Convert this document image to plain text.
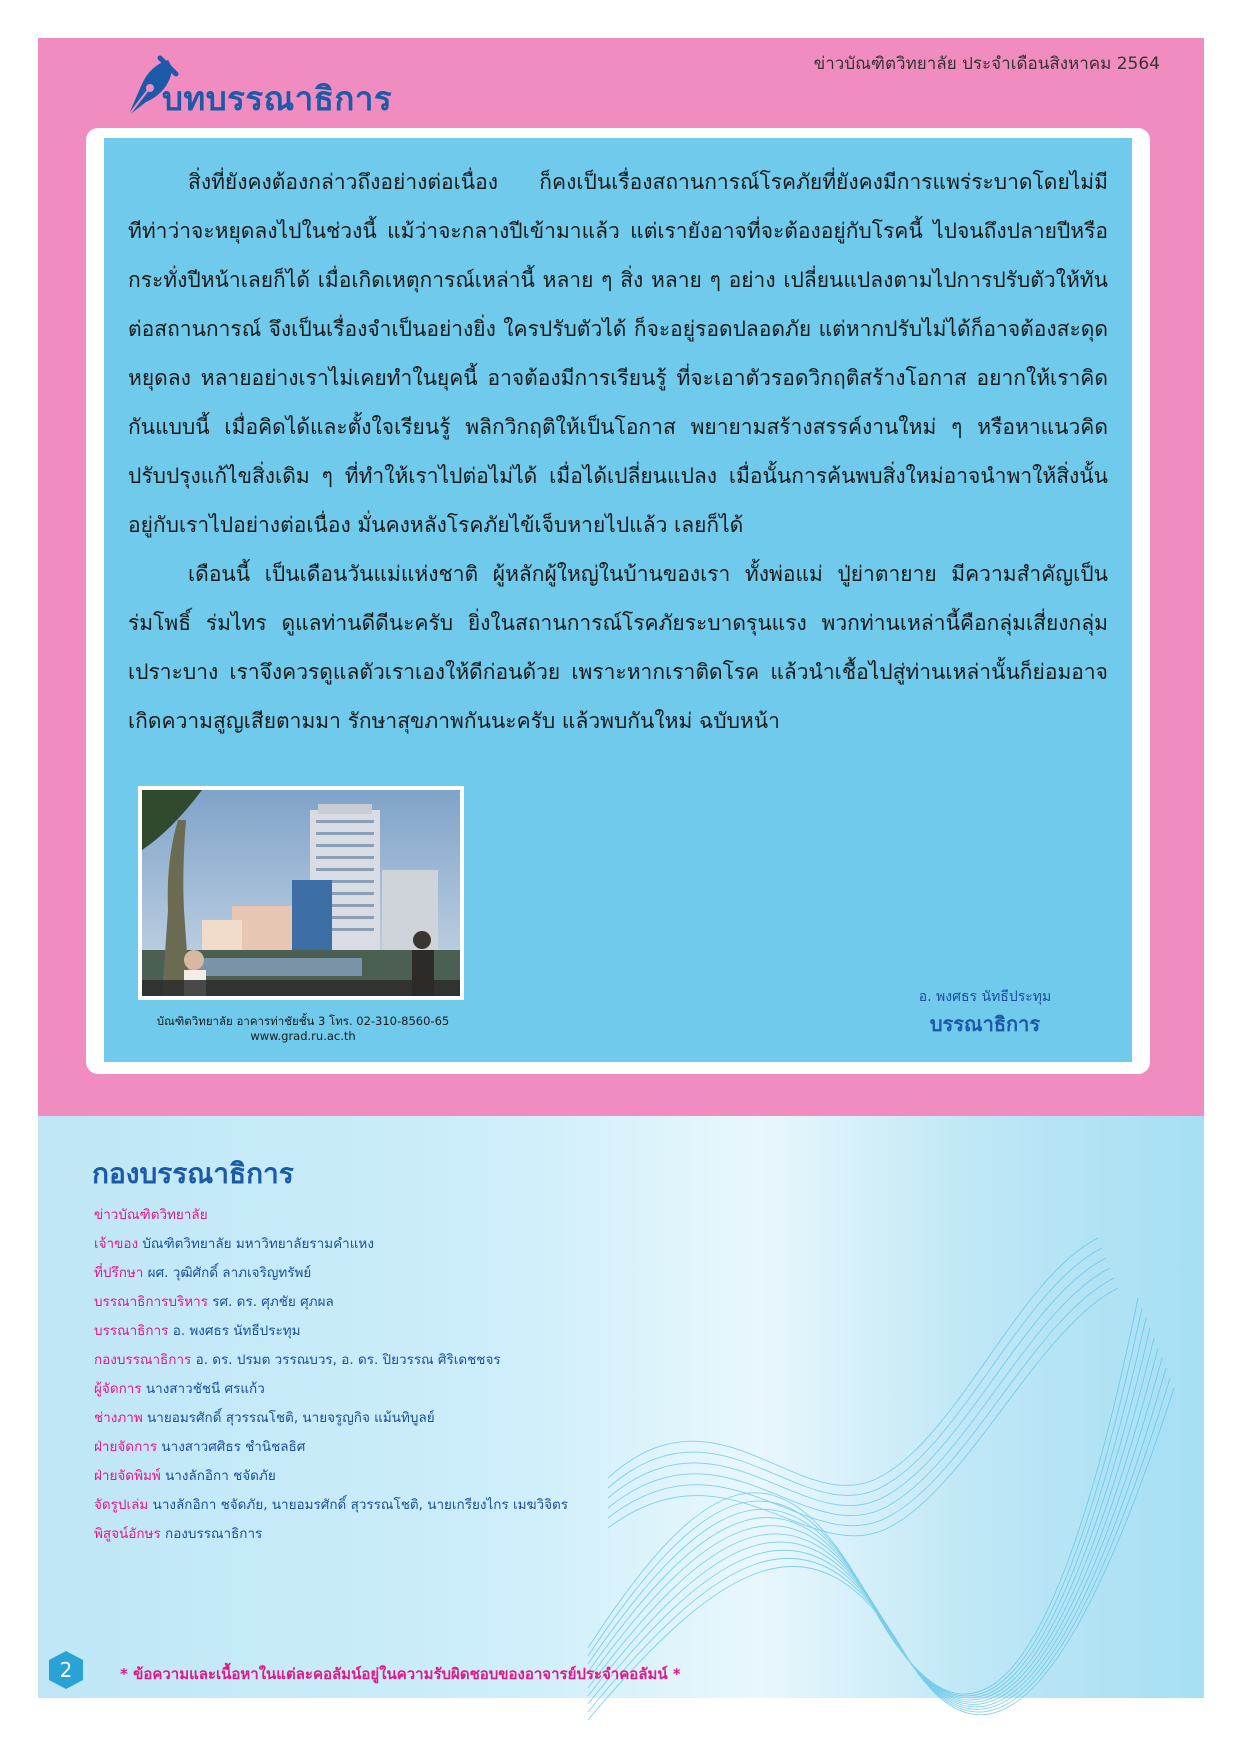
บทบรรณาธิการ
ข่าวบัณฑิตวิทยาลัย ประจำเดือนสิงหาคม 2564

สิ่งที่ยังคงต้องกล่าวถึงอย่างต่อเนื่อง ก็คงเป็นเรื่องสถานการณ์โรคภัยที่ยังคงมีการแพร่ระบาดโดยไม่มีทีท่าว่าจะหยุดลงไปในช่วงนี้ แม้ว่าจะกลางปีเข้ามาแล้ว แต่เรายังอาจที่จะต้องอยู่กับโรคนี้ ไปจนถึงปลายปีหรือกระทั่งปีหน้าเลยก็ได้ เมื่อเกิดเหตุการณ์เหล่านี้ หลาย ๆ สิ่ง หลาย ๆ อย่าง เปลี่ยนแปลงตามไปการปรับตัวให้ทันต่อสถานการณ์ จึงเป็นเรื่องจำเป็นอย่างยิ่ง ใครปรับตัวได้ ก็จะอยู่รอดปลอดภัย แต่หากปรับไม่ได้ก็อาจต้องสะดุด หยุดลง หลายอย่างเราไม่เคยทำในยุคนี้ อาจต้องมีการเรียนรู้ ที่จะเอาตัวรอดวิกฤติสร้างโอกาส อยากให้เราคิดกันแบบนี้ เมื่อคิดได้และตั้งใจเรียนรู้ พลิกวิกฤติให้เป็นโอกาส พยายามสร้างสรรค์งานใหม่ ๆ หรือหาแนวคิดปรับปรุงแก้ไขสิ่งเดิม ๆ ที่ทำให้เราไปต่อไม่ได้ เมื่อได้เปลี่ยนแปลง เมื่อนั้นการค้นพบสิ่งใหม่อาจนำพาให้สิ่งนั้นอยู่กับเราไปอย่างต่อเนื่อง มั่นคงหลังโรคภัยไข้เจ็บหายไปแล้ว เลยก็ได้

เดือนนี้ เป็นเดือนวันแม่แห่งชาติ ผู้หลักผู้ใหญ่ในบ้านของเรา ทั้งพ่อแม่ ปู่ย่าตายาย มีความสำคัญเป็นร่มโพธิ์ ร่มไทร ดูแลท่านดีดีนะครับ ยิ่งในสถานการณ์โรคภัยระบาดรุนแรง พวกท่านเหล่านี้คือกลุ่มเสี่ยงกลุ่มเปราะบาง เราจึงควรดูแลตัวเราเองให้ดีก่อนด้วย เพราะหากเราติดโรค แล้วนำเชื้อไปสู่ท่านเหล่านั้นก็ย่อมอาจเกิดความสูญเสียตามมา รักษาสุขภาพกันนะครับ แล้วพบกันใหม่ ฉบับหน้า

บัณฑิตวิทยาลัย อาคารท่าชัยชั้น 3 โทร. 02-310-8560-65
www.grad.ru.ac.th
อ. พงศธร นัทธีประทุม
บรรณาธิการ
กองบรรณาธิการ
ข่าวบัณฑิตวิทยาลัย
เจ้าของ บัณฑิตวิทยาลัย มหาวิทยาลัยรามคำแหง
ที่ปรึกษา ผศ. วุฒิศักดิ์ ลาภเจริญทรัพย์
บรรณาธิการบริหาร รศ. ดร. ศุภชัย ศุภผล
บรรณาธิการ อ. พงศธร นัทธีประทุม
กองบรรณาธิการ อ. ดร. ปรมต วรรณบวร, อ. ดร. ปิยวรรณ ศิริเดชชจร
ผู้จัดการ นางสาวชัชนี ศรแก้ว
ช่างภาพ นายอมรศักดิ์ สุวรรณโชติ, นายจรูญกิจ แม้นทิบูลย์
ฝ่ายจัดการ นางสาวศศิธร ชำนิชลธิศ
ฝ่ายจัดพิมพ์ นางลักอิกา ชจัดภัย
จัดรูปเล่ม นางลักอิกา ชจัดภัย, นายอมรศักดิ์ สุวรรณโชติ, นายเกรียงไกร เมฆวิจิตร
พิสูจน์อักษร กองบรรณาธิการ
2	* ข้อความและเนื้อหาในแต่ละคอลัมน์อยู่ในความรับผิดชอบของอาจารย์ประจำคอลัมน์ *
